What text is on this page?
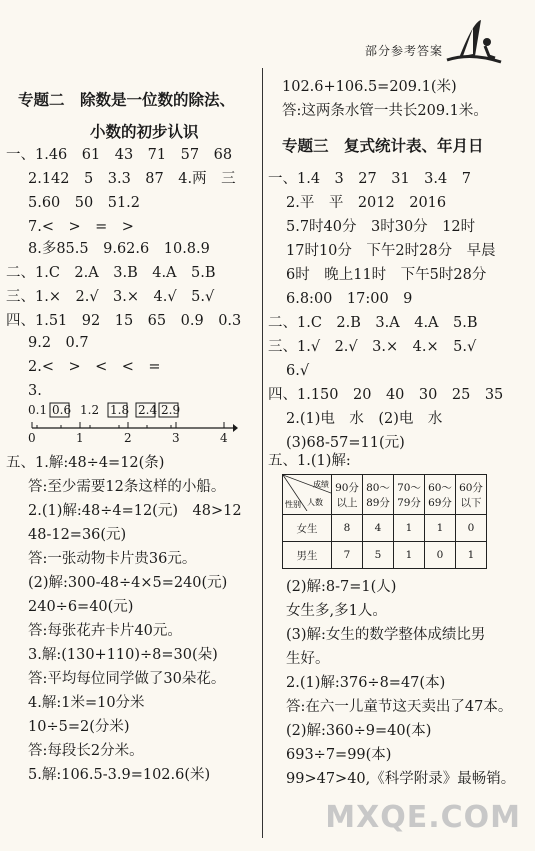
部分参考答案
专题二　除数是一位数的除法、
小数的初步认识
一、1.46　61　43　71　57　68
2.142　5　3.3　87　4.两　三
5.60　50　51.2
7.<　>　=　>
8.多85.5　9.62.6　10.8.9
二、1.C　2.A　3.B　4.A　5.B
三、1.×　2.√　3.×　4.√　5.√
四、1.51　92　15　65　0.9　0.3
9.2　0.7
2.<　>　<　<　=
3.
0.1 0.6 1.2 1.8 2.4 2.9
0	1	2	3	4
五、1.解:48÷4=12(条)
答:至少需要12条这样的小船。
2.(1)解:48÷4=12(元)　48>12
48-12=36(元)
答:一张动物卡片贵36元。
(2)解:300-48÷4×5=240(元)
240÷6=40(元)
答:每张花卉卡片40元。
3.解:(130+110)÷8=30(朵)
答:平均每位同学做了30朵花。
4.解:1米=10分米
10÷5=2(分米)
答:每段长2分米。
5.解:106.5-3.9=102.6(米)
102.6+106.5=209.1(米)
答:这两条水管一共长209.1米。
专题三　复式统计表、年月日
一、1.4　3　27　31　3.4　7
2.平　平　2012　2016
5.7时40分　3时30分　12时
17时10分　下午2时28分　早晨
6时　晚上11时　下午5时28分
6.8:00　17:00　9
二、1.C　2.B　3.A　4.A　5.B
三、1.√　2.√　3.×　4.×　5.√
6.√
四、1.150　20　40　30　25　35
2.(1)电　水　(2)电　水
(3)68-57=11(元)
五、1.(1)解:
成绩
人数
性别	90分以上	80～89分	70～79分	60～69分	60分以下
女生	8	4	1	1	0
男生	7	5	1	0	1
(2)解:8-7=1(人)
女生多,多1人。
(3)解:女生的数学整体成绩比男
生好。
2.(1)解:376÷8=47(本)
答:在六一儿童节这天卖出了47本。
(2)解:360÷9=40(本)
693÷7=99(本)
99>47>40,《科学附录》最畅销。
MXQE.COM
